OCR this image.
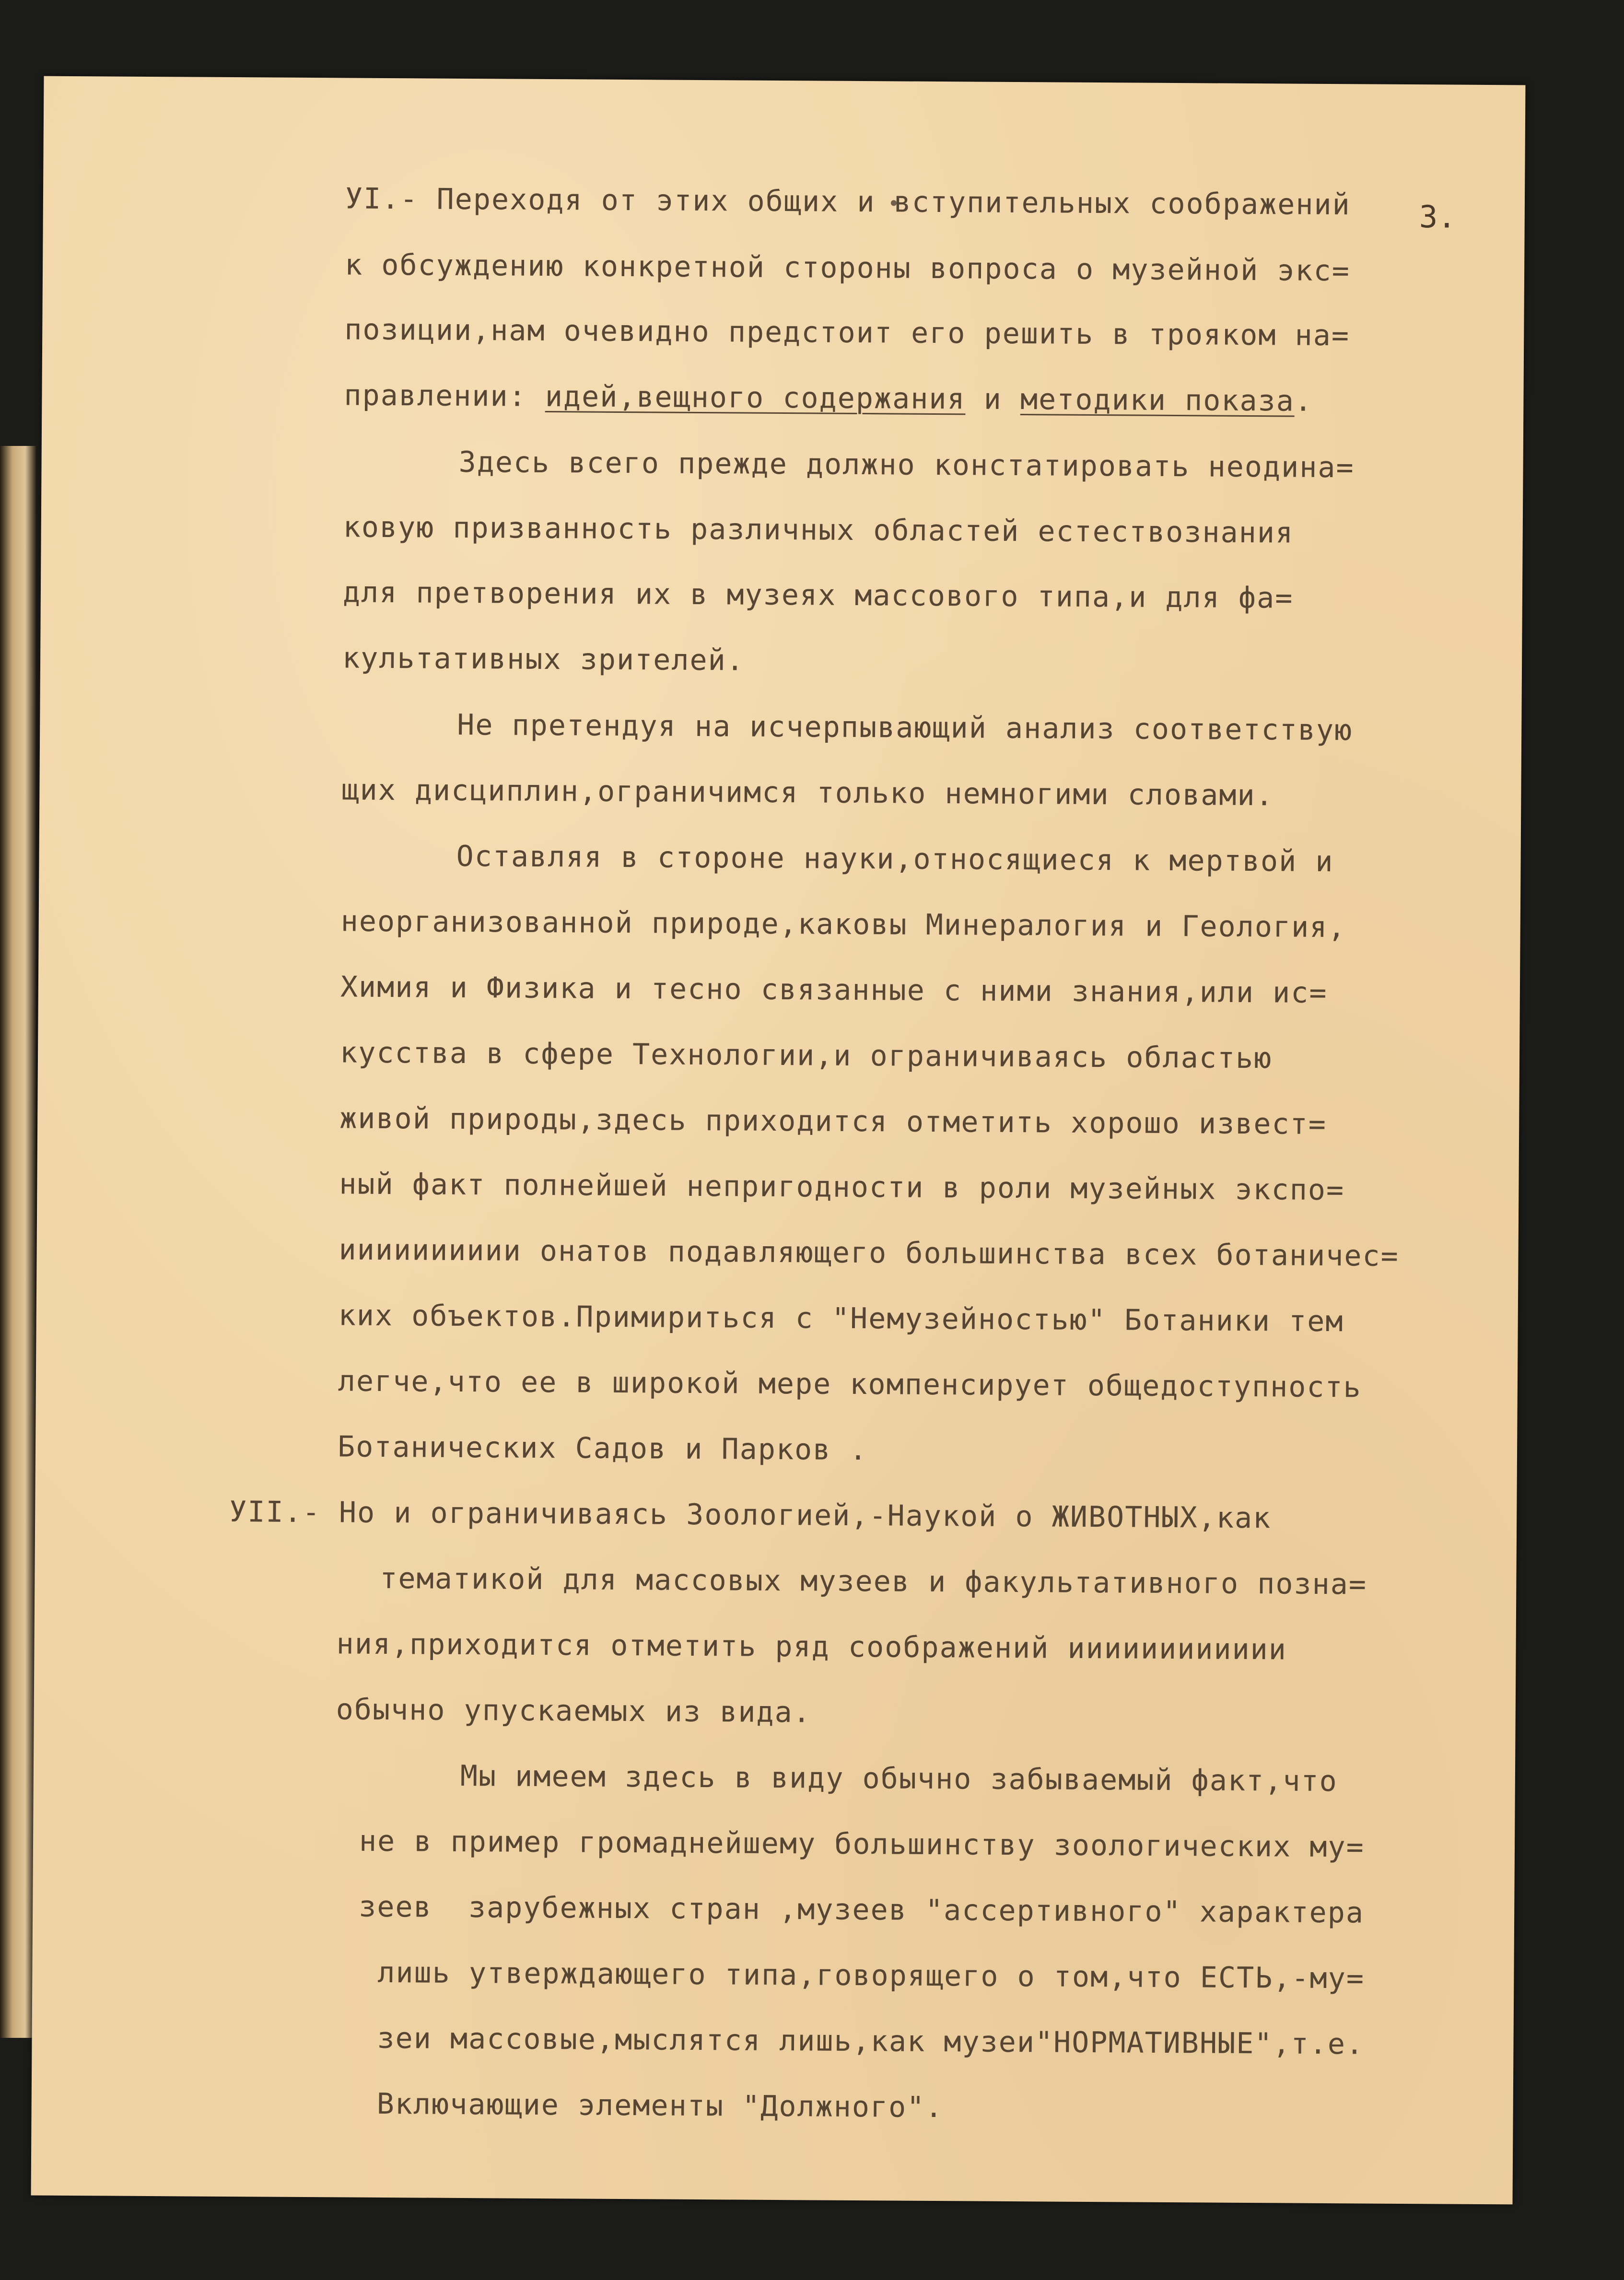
3.
УI.- Переходя от этих общих и вступительных соображений
к обсуждению конкретной стороны вопроса о музейной экс=
позиции,нам очевидно предстоит его решить в трояком на=
правлении: идей,вещного содержания и методики показа.
Здесь всего прежде должно констатировать неодина=
ковую призванность различных областей естествознания
для претворения их в музеях массового типа,и для фа=
культативных зрителей.
Не претендуя на исчерпывающий анализ соответствую
щих дисциплин,ограничимся только немногими словами.
Оставляя в стороне науки,относящиеся к мертвой и
неорганизованной природе,каковы Минералогия и Геология,
Химия и Физика и тесно связанные с ними знания,или ис=
кусства в сфере Технологии,и ограничиваясь областью
живой природы,здесь приходится отметить хорошо извест=
ный факт полнейшей непригодности в роли музейных экспо=
ииииииииии онатов подавляющего большинства всех ботаничес=
ких объектов.Примириться с "Немузейностью" Ботаники тем
легче,что ее в широкой мере компенсирует общедоступность
Ботанических Садов и Парков .
УII.- Но и ограничиваясь Зоологией,-Наукой о ЖИВОТНЫХ,как
тематикой для массовых музеев и факультативного позна=
ния,приходится отметить ряд соображений ииииииииииии
обычно упускаемых из вида.
Мы имеем здесь в виду обычно забываемый факт,что
не в пример громаднейшему большинству зоологических му=
зеев  зарубежных стран ,музеев "ассертивного" характера
лишь утверждающего типа,говорящего о том,что ЕСТЬ,-му=
зеи массовые,мыслятся лишь,как музеи"НОРМАТИВНЫЕ",т.е.
Включающие элементы "Должного".
